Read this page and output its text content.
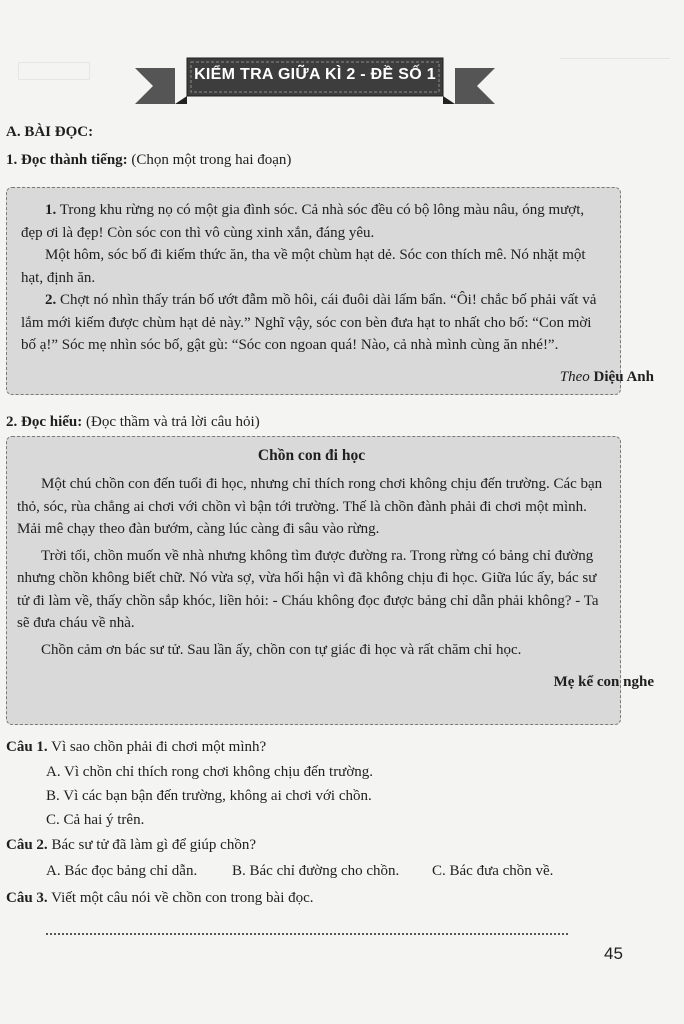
KIỂM TRA GIỮA KÌ 2 - ĐỀ SỐ 1
A. BÀI ĐỌC:
1. Đọc thành tiếng: (Chọn một trong hai đoạn)

1. Trong khu rừng nọ có một gia đình sóc. Cả nhà sóc đều có bộ lông màu nâu, óng mượt, đẹp ơi là đẹp! Còn sóc con thì vô cùng xinh xắn, đáng yêu.

Một hôm, sóc bố đi kiếm thức ăn, tha về một chùm hạt dẻ. Sóc con thích mê. Nó nhặt một hạt, định ăn.

2. Chợt nó nhìn thấy trán bố ướt đẫm mồ hôi, cái đuôi dài lấm bẩn. “Ôi! chắc bố phải vất vả lắm mới kiếm được chùm hạt dẻ này.” Nghĩ vậy, sóc con bèn đưa hạt to nhất cho bố: “Con mời bố ạ!” Sóc mẹ nhìn sóc bố, gật gù: “Sóc con ngoan quá! Nào, cả nhà mình cùng ăn nhé!”.

Theo Diệu Anh
2. Đọc hiểu: (Đọc thầm và trả lời câu hỏi)
Chồn con đi học

Một chú chồn con đến tuổi đi học, nhưng chỉ thích rong chơi không chịu đến trường. Các bạn thỏ, sóc, rùa chẳng ai chơi với chồn vì bận tới trường. Thế là chồn đành phải đi chơi một mình. Mải mê chạy theo đàn bướm, càng lúc càng đi sâu vào rừng.

Trời tối, chồn muốn về nhà nhưng không tìm được đường ra. Trong rừng có bảng chỉ đường nhưng chồn không biết chữ. Nó vừa sợ, vừa hối hận vì đã không chịu đi học. Giữa lúc ấy, bác sư tử đi làm về, thấy chồn sắp khóc, liền hỏi: - Cháu không đọc được bảng chỉ dẫn phải không? - Ta sẽ đưa cháu về nhà.

Chồn cảm ơn bác sư tử. Sau lần ấy, chồn con tự giác đi học và rất chăm chỉ học.

Mẹ kể con nghe
Câu 1. Vì sao chồn phải đi chơi một mình?
A. Vì chồn chỉ thích rong chơi không chịu đến trường.
B. Vì các bạn bận đến trường, không ai chơi với chồn.
C. Cả hai ý trên.
Câu 2. Bác sư tử đã làm gì để giúp chồn?
A. Bác đọc bảng chỉ dẫn. B. Bác chỉ đường cho chồn. C. Bác đưa chồn về.
Câu 3. Viết một câu nói về chồn con trong bài đọc.
45
